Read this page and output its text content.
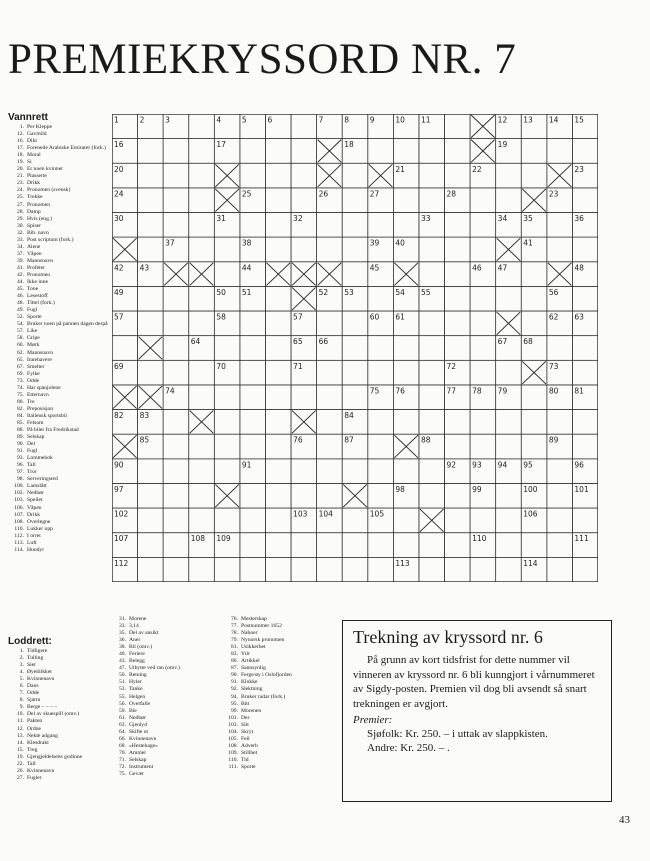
PREMIEKRYSSORD NR. 7
Vannrett
1. Per Kleppe
12. Gavmild
16. Dikt
17. Forenede Arabiske Emirater (fork.)
18. Moral
19. Si
20. Er noen kvinner
21. Plasserte
23. Drikk
24. Pronomen (svensk)
25. Trekke
27. Pronomen
28. Damp
29. Hvis (eng.)
30. Spiser
32. Bib. navn
33. Post scriptum (fork.)
34. Alene
37. Våpen
39. Mannsnavn
41. Profeter
42. Pronomen
44. Ikke inne
45. Tone
46. Lesestoff
48. Tittel (fork.)
49. Fugl
52. Sporte
54. Bruker noen på pannen dagen derpå
57. Like
58. Gripe
60. Mørk
62. Mannsnavn
65. Innehavere
67. Smelter
69. Fylke
73. Odde
74. Har spanjolene
75. Etternavn
80. Tre
82. Preposisjon
84. Italiensk sportsbil
85. Felsom
88. På biler fra Fredrikstad
89. Selskap
90. Del
91. Fugl
93. Lommebok
96. Tall
97. Tror
98. Serveringsted
100. Lamslått
102. Nedbør
103. Speilet
106. Våpen
107. Drikk
108. Overlegne
110. Lukker opp
112. I orret
113. Luft
114. Hundyr
Loddrett:
1. Tidligere
2. Tulling
3. Sier
4. Øyeblikket
5. Kvinnenavn
6. Dans
7. Odde
8. Sjarm
9. Berge – – – –
10. Del av skuespill (omv.)
11. Pakten
12. Ordne
13. Nekte adgang
14. Klesdrakt
15. Treg
19. Gjengjeldelsens gudinne
22. Tall
26. Kvinnenavn
27. Fugler
31. Morene
33. 3,14
35. Del av ansikt
36. Aner
38. Bil (omv.)
40. Feriere
43. Belegg
47. Utbytte ved ran (omv.)
50. Retning
51. Hyler
53. Tanke
55. Helgen
56. Overfalle
59. Bie
61. Nedbør
63. Gjenlyd
64. Skifte ut
66. Kvinnenavn
68. «Hestehage»
70. Ammer
71. Selskap
72. Instrument
75. Gevær
76. Mesterskap
77. Postnummer 1652
78. Naboer
79. Nynorsk pronomen
81. Usikkerhet
83. Ytir
86. Artikkel
87. Sannsynlig
90. Ferge/øy i Oslofjorden
91. Klokke
92. Slektning
94. Bruker radar (fork.)
95. Bitt
99. Morenen
101. Der
103. Slit
104. Skryt
105. Feil
108. Adverb
109. Stillhet
110. Tid
111. Sporte
1	2	3	4	5	6	7	8	9	10 11	12 13 14 15
16	17	18	19
20	21	22	23
24	25	26	27	28	23
30	31	32	33	34 35	36
37	38	39 40	41
42 43	44	45	46 47	48
49	50 51	52 53	54 55	56
57	58	57	60 61	62 63
64	65 66	67 68
69	70	71	72	73
74	75 76	77 78 79	80 81
82 83	84
85	76	87	88	89
90	91	92 93 94 95	96
97	98	99	100	101
102	103 104	105	106
107	108 109	110	111
112	113	114
Trekning av kryssord nr. 6
På grunn av kort tidsfrist for dette nummer vil vinneren av kryssord nr. 6 bli kunngjort i vårnummeret av Sigdy-posten. Premien vil dog bli avsendt så snart trekningen er avgjort.
Premier:
Sjøfolk: Kr. 250. – i uttak av slappkisten.
Andre: Kr. 250. – .
43
